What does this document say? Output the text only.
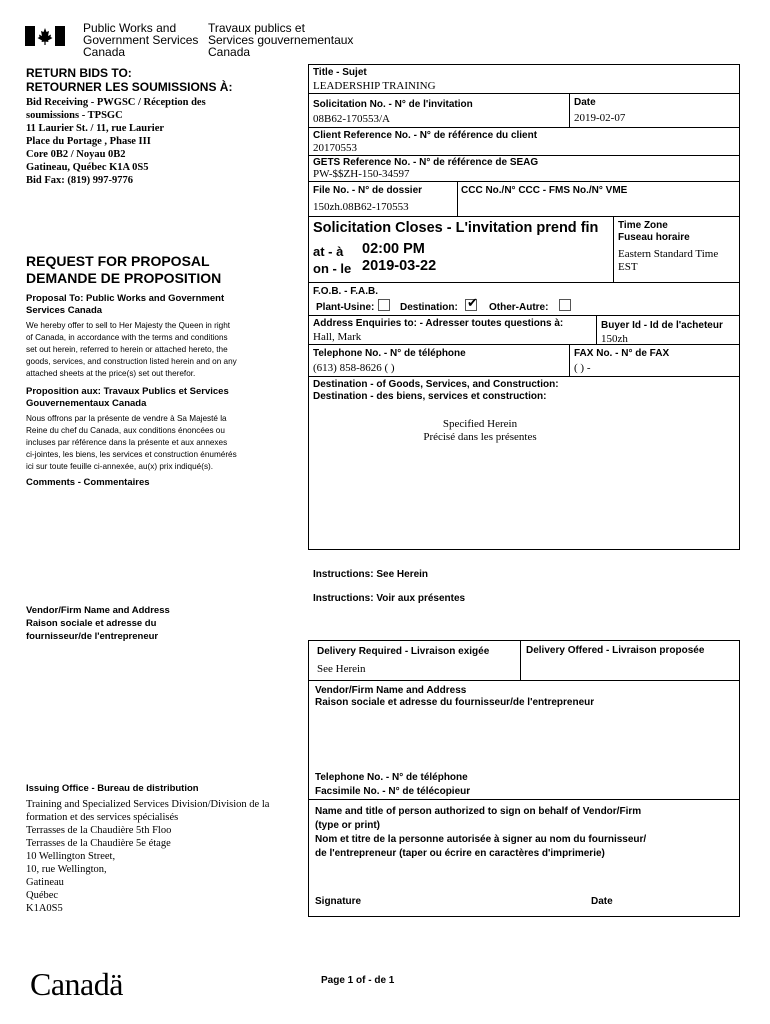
Public Works and
Government Services
Canada
Travaux publics et
Services gouvernementaux
Canada
RETURN BIDS TO:
RETOURNER LES SOUMISSIONS À:
Bid Receiving - PWGSC / Réception des
soumissions - TPSGC
11 Laurier St. / 11, rue Laurier
Place du Portage , Phase III
Core 0B2 / Noyau 0B2
Gatineau, Québec K1A 0S5
Bid Fax: (819) 997-9776
REQUEST FOR PROPOSAL
DEMANDE DE PROPOSITION
Proposal To: Public Works and Government
Services Canada
We hereby offer to sell to Her Majesty the Queen in right
of Canada, in accordance with the terms and conditions
set out herein, referred to herein or attached hereto, the
goods, services, and construction listed herein and on any
attached sheets at the price(s) set out therefor.
Proposition aux: Travaux Publics et Services
Gouvernementaux Canada
Nous offrons par la présente de vendre à Sa Majesté la
Reine du chef du Canada, aux conditions énoncées ou
incluses par référence dans la présente et aux annexes
ci-jointes, les biens, les services et construction énumérés
ici sur toute feuille ci-annexée, au(x) prix indiqué(s).
Comments - Commentaires
Vendor/Firm Name and Address
Raison sociale et adresse du
fournisseur/de l'entrepreneur
Issuing Office - Bureau de distribution
Training and Specialized Services Division/Division de la
formation et des services spécialisés
Terrasses de la Chaudière 5th Floo
Terrasses de la Chaudière 5e étage
10 Wellington Street,
10, rue Wellington,
Gatineau
Québec
K1A0S5
Title - Sujet
LEADERSHIP TRAINING
Solicitation No. - N° de l'invitation
08B62-170553/A
Date
2019-02-07
Client Reference No. - N° de référence du client
20170553
GETS Reference No. - N° de référence de SEAG
PW-$$ZH-150-34597
File No. - N° de dossier
150zh.08B62-170553
CCC No./N° CCC - FMS No./N° VME
Solicitation Closes - L'invitation prend fin
at - à 02:00 PM
on - le 2019-03-22
Time Zone
Fuseau horaire
Eastern Standard Time
EST
F.O.B. - F.A.B.
Plant-Usine:	Destination: ✔ Other-Autre:
Address Enquiries to: - Adresser toutes questions à:
Hall, Mark
Buyer Id - Id de l'acheteur
150zh
Telephone No. - N° de téléphone
(613) 858-8626 ( )
FAX No. - N° de FAX
( ) -
Destination - of Goods, Services, and Construction:
Destination - des biens, services et construction:
Specified Herein
Précisé dans les présentes
Instructions: See Herein
Instructions: Voir aux présentes
Delivery Required - Livraison exigée
See Herein
Delivery Offered - Livraison proposée
Vendor/Firm Name and Address
Raison sociale et adresse du fournisseur/de l'entrepreneur
Telephone No. - N° de téléphone
Facsimile No. - N° de télécopieur
Name and title of person authorized to sign on behalf of Vendor/Firm
(type or print)
Nom et titre de la personne autorisée à signer au nom du fournisseur/
de l'entrepreneur (taper ou écrire en caractères d'imprimerie)
Signature	Date
Canadä	Page 1 of - de 1
